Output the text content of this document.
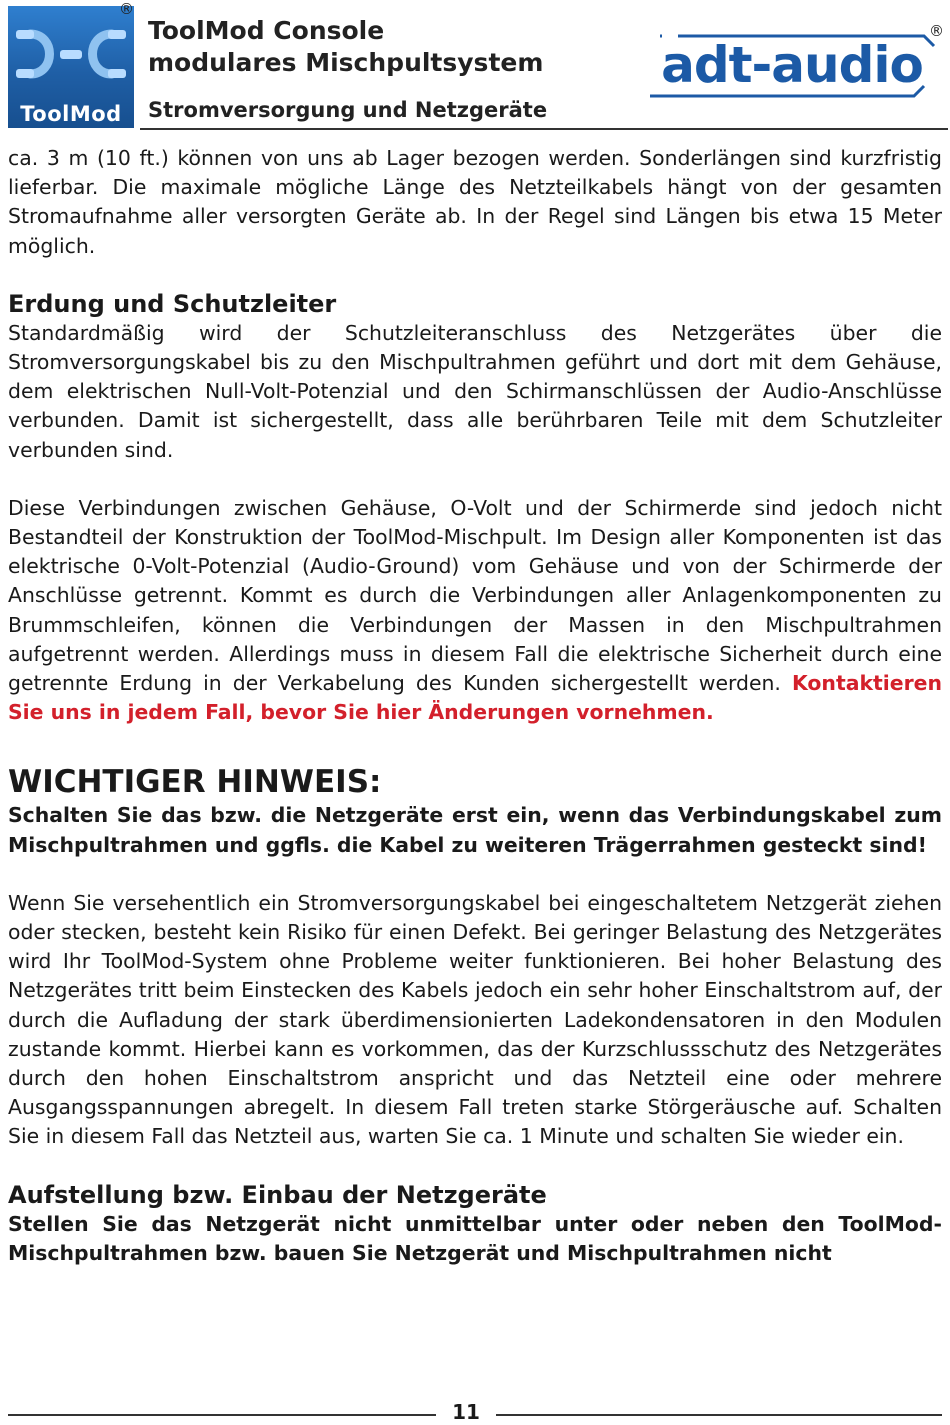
ToolMod
®
ToolMod Console
modulares Mischpultsystem
Stromversorgung und Netzgeräte
adt-audio
®

ca. 3 m (10 ft.) können von uns ab Lager bezogen werden. Sonderlängen sind kurzfristig lieferbar. Die maximale mögliche Länge des Netzteilkabels hängt von der gesamten Stromaufnahme aller versorgten Geräte ab. In der Regel sind Längen bis etwa 15 Meter möglich.

Erdung und Schutzleiter

Standardmäßig wird der Schutzleiteranschluss des Netzgerätes über die Stromversorgungskabel bis zu den Mischpultrahmen geführt und dort mit dem Gehäuse, dem elektrischen Null-Volt-Potenzial und den Schirmanschlüssen der Audio-Anschlüsse verbunden. Damit ist sichergestellt, dass alle berührbaren Teile mit dem Schutzleiter verbunden sind.

Diese Verbindungen zwischen Gehäuse, O-Volt und der Schirmerde sind jedoch nicht Bestandteil der Konstruktion der ToolMod-Mischpult. Im Design aller Komponenten ist das elektrische 0-Volt-Potenzial (Audio-Ground) vom Gehäuse und von der Schirmerde der Anschlüsse getrennt. Kommt es durch die Verbindungen aller Anlagenkomponenten zu Brummschleifen, können die Verbindungen der Massen in den Mischpultrahmen aufgetrennt werden. Allerdings muss in diesem Fall die elektrische Sicherheit durch eine getrennte Erdung in der Verkabelung des Kunden sichergestellt werden. Kontaktieren Sie uns in jedem Fall, bevor Sie hier Änderungen vornehmen.

WICHTIGER HINWEIS:

Schalten Sie das bzw. die Netzgeräte erst ein, wenn das Verbindungskabel zum Mischpultrahmen und ggfls. die Kabel zu weiteren Trägerrahmen gesteckt sind!

Wenn Sie versehentlich ein Stromversorgungskabel bei eingeschaltetem Netzgerät ziehen oder stecken, besteht kein Risiko für einen Defekt. Bei geringer Belastung des Netzgerätes wird Ihr ToolMod-System ohne Probleme weiter funktionieren. Bei hoher Belastung des Netzgerätes tritt beim Einstecken des Kabels jedoch ein sehr hoher Einschaltstrom auf, der durch die Aufladung der stark überdimensionierten Ladekondensatoren in den Modulen zustande kommt. Hierbei kann es vorkommen, das der Kurzschlussschutz des Netzgerätes durch den hohen Einschaltstrom anspricht und das Netzteil eine oder mehrere Ausgangsspannungen abregelt. In diesem Fall treten starke Störgeräusche auf. Schalten Sie in diesem Fall das Netzteil aus, warten Sie ca. 1 Minute und schalten Sie wieder ein.

Aufstellung bzw. Einbau der Netzgeräte

Stellen Sie das Netzgerät nicht unmittelbar unter oder neben den ToolMod-Mischpultrahmen bzw. bauen Sie Netzgerät und Mischpultrahmen nicht

11
